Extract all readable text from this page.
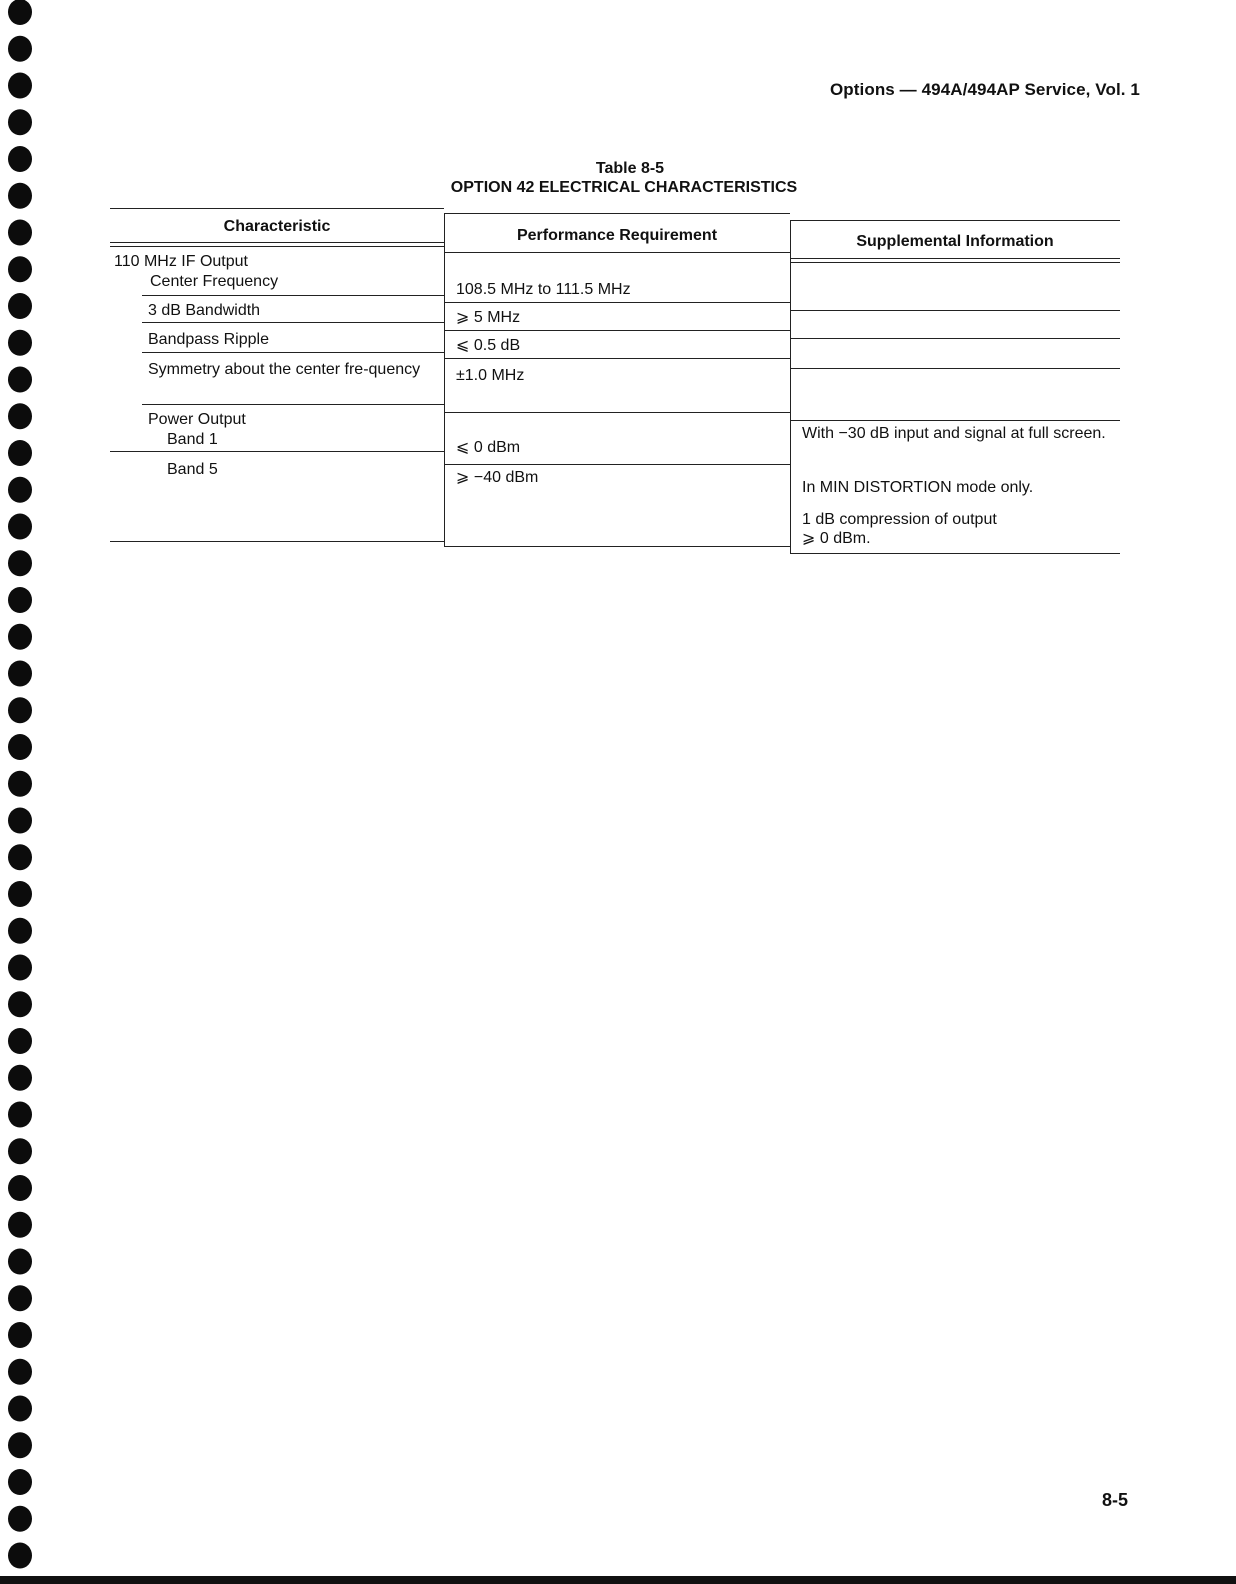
Options — 494A/494AP Service, Vol. 1
Table 8-5
OPTION 42 ELECTRICAL CHARACTERISTICS
Characteristic
Performance Requirement	Supplemental Information
110 MHz IF Output
Center Frequency
3 dB Bandwidth
Bandpass Ripple
Symmetry about the center fre-quency
Power Output
Band 1
Band 5
108.5 MHz to 111.5 MHz
⩾ 5 MHz
⩽ 0.5 dB
±1.0 MHz
⩽ 0 dBm
⩾ −40 dBm
With −30 dB input and signal at full screen.
In MIN DISTORTION mode only.
1 dB compression of output
⩾ 0 dBm.
8-5
